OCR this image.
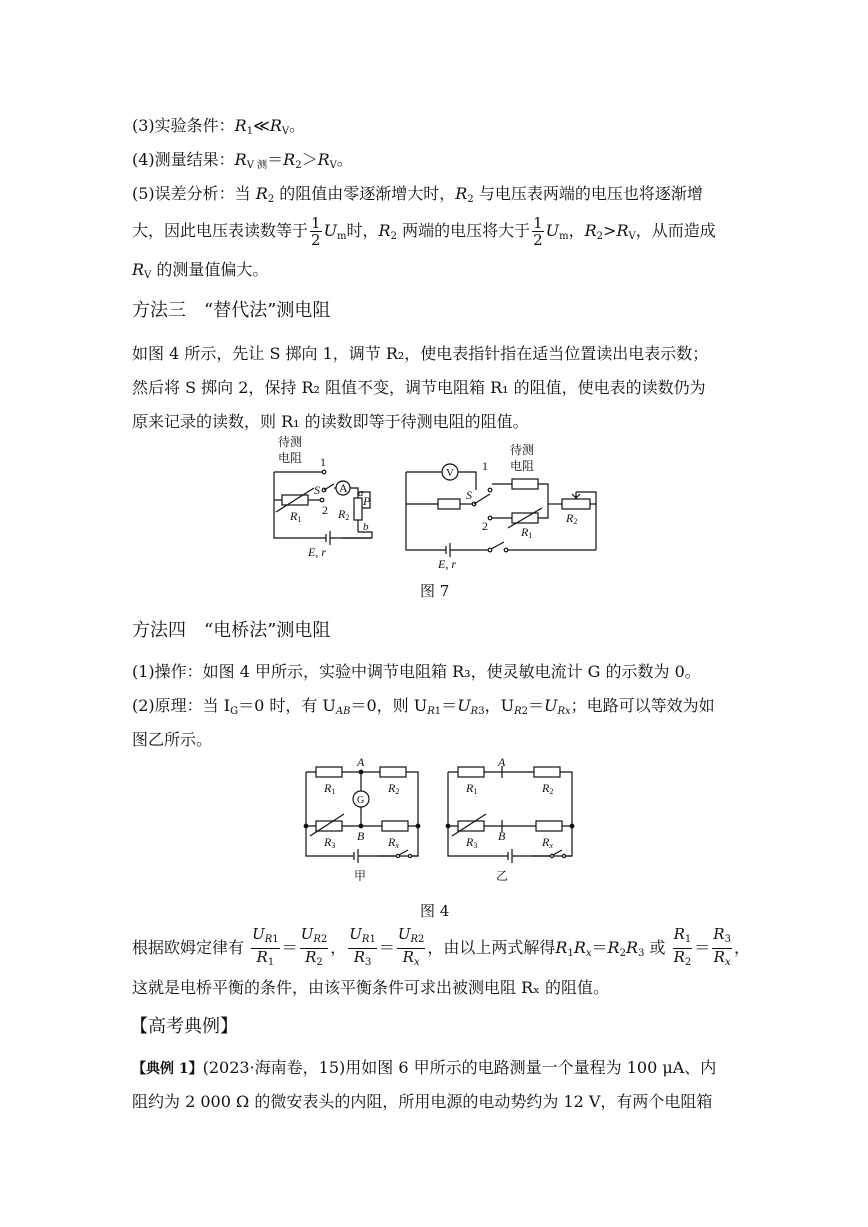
(3)实验条件：$R_1≪R_V$。
(4)测量结果：$R_{V 测}=R_2>R_V$。
(5)误差分析：当 $R_2$ 的阻值由零逐渐增大时，$R_2$ 与电压表两端的电压也将逐渐增
大，因此电压表读数等于 $\frac{1}{2} U_m$时，$R_2$ 两端的电压将大于 $\frac{1}{2} U_m$，$R_2>R_V$，从而造成
$R_V$ 的测量值偏大。
方法三　“替代法”测电阻
如图 4 所示，先让 S 掷向 1，调节 R₂，使电表指针指在适当位置读出电表示数；
然后将 S 掷向 2，保持 R₂ 阻值不变，调节电阻箱 R₁ 的阻值，使电表的读数仍为
原来记录的读数，则 R₁ 的读数即等于待测电阻的阻值。
待测
电阻 1
2
S A
R1	R2
P
a
b
E, r
V 1
2
S
待测
电阻
R1
R2
E, r
图 7
方法四　“电桥法”测电阻
(1)操作：如图 4 甲所示，实验中调节电阻箱 R₃，使灵敏电流计 G 的示数为 0。
(2)原理：当 $I_G=0$ 时，有 $U_{AB}=0$，则 $U_{R1}=U_{R3}$，$U_{R2}=U_{Rx}$；电路可以等效为如
图乙所示。
A
B
G
R1	R2
R3	Rx
甲
A
B
R1	R2
R3	Rx
乙
图 4
根据欧姆定律有 $\frac{U_{R1}}{R_1} = \frac{U_{R2}}{R_2}$ ， $\frac{U_{R1}}{R_3} = \frac{U_{R2}}{R_x}$ ，由以上两式解得$R_1R_x=R_2R_3$ 或 $\frac{R_1}{R_2} = \frac{R_3}{R_x}$ ，
这就是电桥平衡的条件，由该平衡条件可求出被测电阻 Rₓ 的阻值。
【高考典例】
【典例 1】(2023·海南卷，15)用如图 6 甲所示的电路测量一个量程为 100 μA、内
阻约为 2 000 Ω 的微安表头的内阻，所用电源的电动势约为 12 V，有两个电阻箱
